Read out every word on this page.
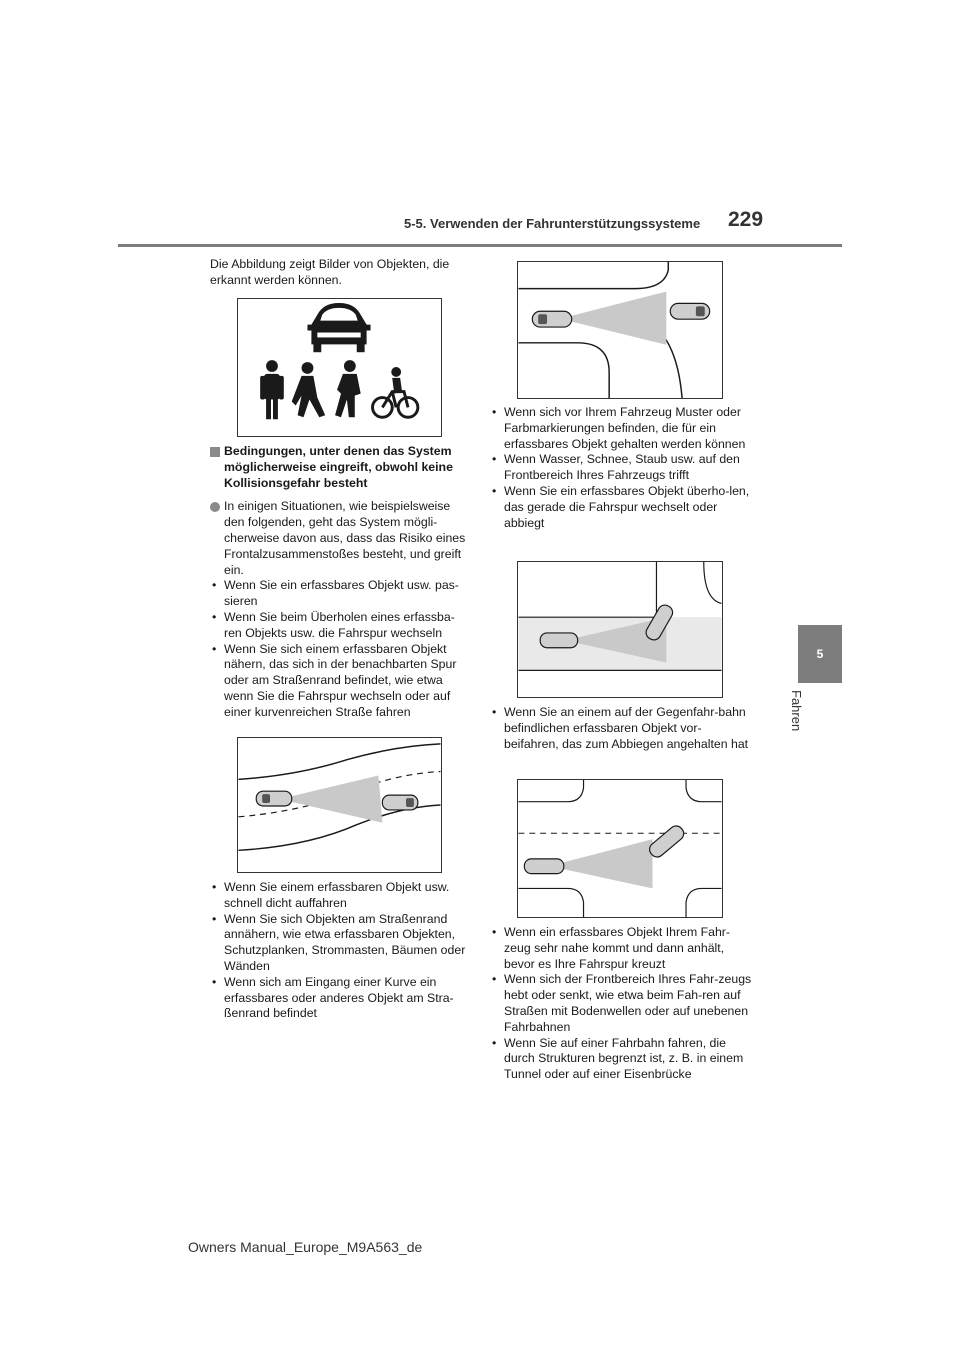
5-5. Verwenden der Fahrunterstützungssysteme 229
5
Fahren

Die Abbildung zeigt Bilder von Objekten, die erkannt werden können.

Bedingungen, unter denen das System möglicherweise eingreift, obwohl keine Kollisionsgefahr besteht

In einigen Situationen, wie beispielsweise den folgenden, geht das System mögli-cherweise davon aus, dass das Risiko eines Frontalzusammenstoßes besteht, und greift ein.

• Wenn Sie ein erfassbares Objekt usw. pas-sieren
• Wenn Sie beim Überholen eines erfassba-ren Objekts usw. die Fahrspur wechseln
• Wenn Sie sich einem erfassbaren Objekt nähern, das sich in der benachbarten Spur oder am Straßenrand befindet, wie etwa wenn Sie die Fahrspur wechseln oder auf einer kurvenreichen Straße fahren
• Wenn Sie einem erfassbaren Objekt usw. schnell dicht auffahren
• Wenn Sie sich Objekten am Straßenrand annähern, wie etwa erfassbaren Objekten, Schutzplanken, Strommasten, Bäumen oder Wänden
• Wenn sich am Eingang einer Kurve ein erfassbares oder anderes Objekt am Stra-ßenrand befindet
• Wenn sich vor Ihrem Fahrzeug Muster oder Farbmarkierungen befinden, die für ein erfassbares Objekt gehalten werden können
• Wenn Wasser, Schnee, Staub usw. auf den Frontbereich Ihres Fahrzeugs trifft
• Wenn Sie ein erfassbares Objekt überho-len, das gerade die Fahrspur wechselt oder abbiegt
• Wenn Sie an einem auf der Gegenfahr-bahn befindlichen erfassbaren Objekt vor-beifahren, das zum Abbiegen angehalten hat
• Wenn ein erfassbares Objekt Ihrem Fahr-zeug sehr nahe kommt und dann anhält, bevor es Ihre Fahrspur kreuzt
• Wenn sich der Frontbereich Ihres Fahr-zeugs hebt oder senkt, wie etwa beim Fah-ren auf Straßen mit Bodenwellen oder auf unebenen Fahrbahnen
• Wenn Sie auf einer Fahrbahn fahren, die durch Strukturen begrenzt ist, z. B. in einem Tunnel oder auf einer Eisenbrücke
Owners Manual_Europe_M9A563_de
